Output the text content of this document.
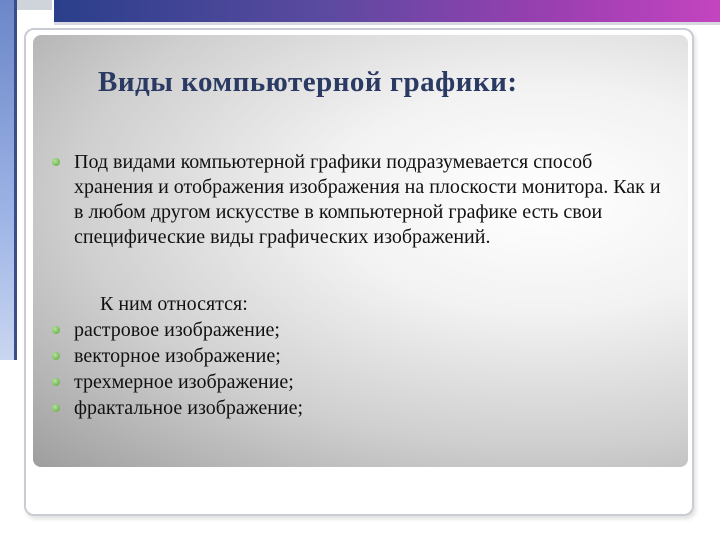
Виды компьютерной графики:
Под видами компьютерной графики подразумевается способ хранения и отображения изображения на плоскости монитора. Как и в любом другом искусстве в компьютерной графике есть свои специфические виды графических изображений.
К ним относятся:
растровое изображение;
векторное изображение;
трехмерное изображение;
фрактальное изображение;
